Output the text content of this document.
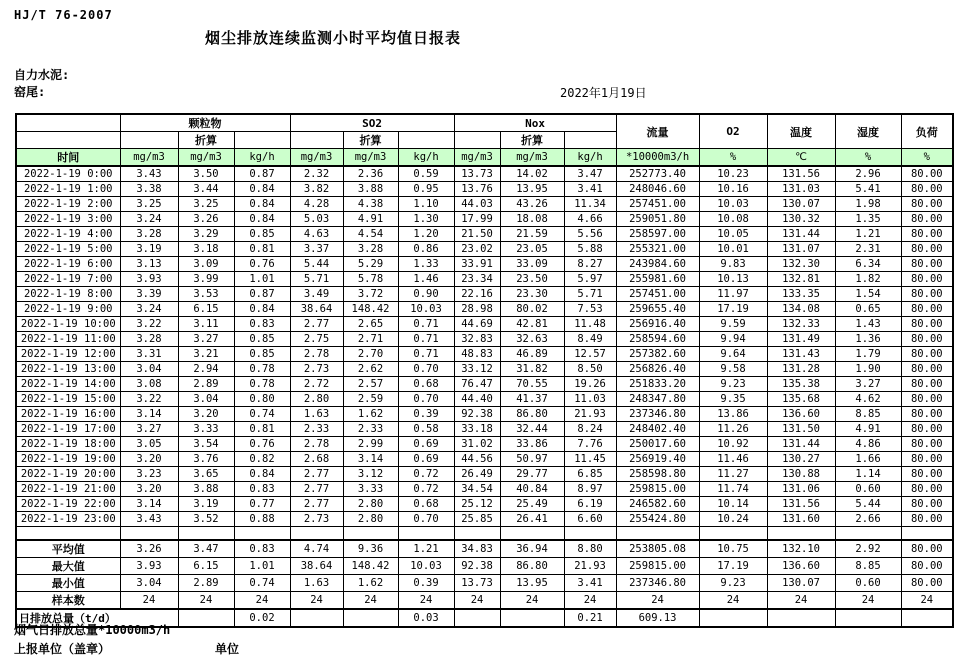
HJ/T 76-2007
烟尘排放连续监测小时平均值日报表
自力水泥:
窑尾:	2022年1月19日
	颗粒物			SO2			Nox			流量	O2	温度	湿度	负荷
		折算			折算			折算						
时间	mg/m3	mg/m3	kg/h	mg/m3	mg/m3	kg/h	mg/m3	mg/m3	kg/h	*10000m3/h	%	℃	%	%
2022-1-19 0:00	3.43	3.50	0.87	2.32	2.36	0.59	13.73	14.02	3.47	252773.40	10.23	131.56	2.96	80.00
2022-1-19 1:00	3.38	3.44	0.84	3.82	3.88	0.95	13.76	13.95	3.41	248046.60	10.16	131.03	5.41	80.00
2022-1-19 2:00	3.25	3.25	0.84	4.28	4.38	1.10	44.03	43.26	11.34	257451.00	10.03	130.07	1.98	80.00
2022-1-19 3:00	3.24	3.26	0.84	5.03	4.91	1.30	17.99	18.08	4.66	259051.80	10.08	130.32	1.35	80.00
2022-1-19 4:00	3.28	3.29	0.85	4.63	4.54	1.20	21.50	21.59	5.56	258597.00	10.05	131.44	1.21	80.00
2022-1-19 5:00	3.19	3.18	0.81	3.37	3.28	0.86	23.02	23.05	5.88	255321.00	10.01	131.07	2.31	80.00
2022-1-19 6:00	3.13	3.09	0.76	5.44	5.29	1.33	33.91	33.09	8.27	243984.60	9.83	132.30	6.34	80.00
2022-1-19 7:00	3.93	3.99	1.01	5.71	5.78	1.46	23.34	23.50	5.97	255981.60	10.13	132.81	1.82	80.00
2022-1-19 8:00	3.39	3.53	0.87	3.49	3.72	0.90	22.16	23.30	5.71	257451.00	11.97	133.35	1.54	80.00
2022-1-19 9:00	3.24	6.15	0.84	38.64	148.42	10.03	28.98	80.02	7.53	259655.40	17.19	134.08	0.65	80.00
2022-1-19 10:00	3.22	3.11	0.83	2.77	2.65	0.71	44.69	42.81	11.48	256916.40	9.59	132.33	1.43	80.00
2022-1-19 11:00	3.28	3.27	0.85	2.75	2.71	0.71	32.83	32.63	8.49	258594.60	9.94	131.49	1.36	80.00
2022-1-19 12:00	3.31	3.21	0.85	2.78	2.70	0.71	48.83	46.89	12.57	257382.60	9.64	131.43	1.79	80.00
2022-1-19 13:00	3.04	2.94	0.78	2.73	2.62	0.70	33.12	31.82	8.50	256826.40	9.58	131.28	1.90	80.00
2022-1-19 14:00	3.08	2.89	0.78	2.72	2.57	0.68	76.47	70.55	19.26	251833.20	9.23	135.38	3.27	80.00
2022-1-19 15:00	3.22	3.04	0.80	2.80	2.59	0.70	44.40	41.37	11.03	248347.80	9.35	135.68	4.62	80.00
2022-1-19 16:00	3.14	3.20	0.74	1.63	1.62	0.39	92.38	86.80	21.93	237346.80	13.86	136.60	8.85	80.00
2022-1-19 17:00	3.27	3.33	0.81	2.33	2.33	0.58	33.18	32.44	8.24	248402.40	11.26	131.50	4.91	80.00
2022-1-19 18:00	3.05	3.54	0.76	2.78	2.99	0.69	31.02	33.86	7.76	250017.60	10.92	131.44	4.86	80.00
2022-1-19 19:00	3.20	3.76	0.82	2.68	3.14	0.69	44.56	50.97	11.45	256919.40	11.46	130.27	1.66	80.00
2022-1-19 20:00	3.23	3.65	0.84	2.77	3.12	0.72	26.49	29.77	6.85	258598.80	11.27	130.88	1.14	80.00
2022-1-19 21:00	3.20	3.88	0.83	2.77	3.33	0.72	34.54	40.84	8.97	259815.00	11.74	131.06	0.60	80.00
2022-1-19 22:00	3.14	3.19	0.77	2.77	2.80	0.68	25.12	25.49	6.19	246582.60	10.14	131.56	5.44	80.00
2022-1-19 23:00	3.43	3.52	0.88	2.73	2.80	0.70	25.85	26.41	6.60	255424.80	10.24	131.60	2.66	80.00

平均值	3.26	3.47	0.83	4.74	9.36	1.21	34.83	36.94	8.80	253805.08	10.75	132.10	2.92	80.00
最大值	3.93	6.15	1.01	38.64	148.42	10.03	92.38	86.80	21.93	259815.00	17.19	136.60	8.85	80.00
最小值	3.04	2.89	0.74	1.63	1.62	0.39	13.73	13.95	3.41	237346.80	9.23	130.07	0.60	80.00
样本数	24	24	24	24	24	24	24	24	24	24	24	24	24	24
日排放总量（t/d）			0.02			0.03			0.21	609.13				
烟气日排放总量*10000m3/h
上报单位（盖章）	单位
